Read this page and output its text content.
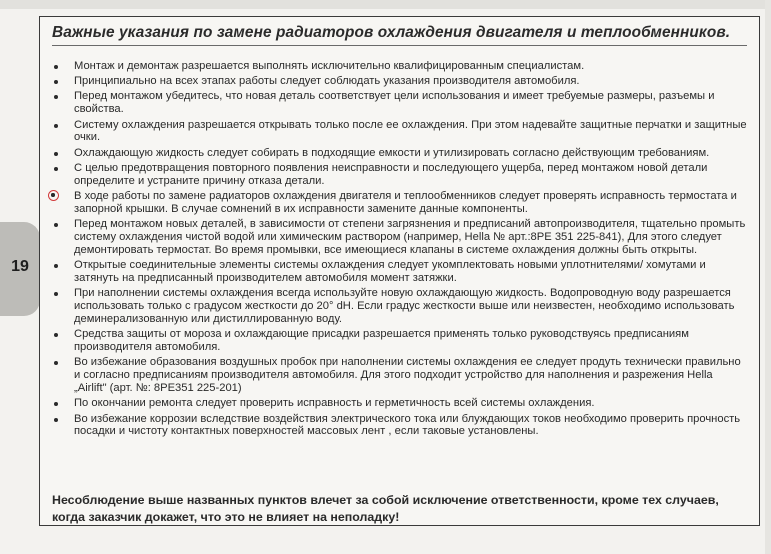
19
Важные указания по замене радиаторов охлаждения двигателя и теплообменников.
Монтаж и демонтаж разрешается выполнять исключительно квалифицированным специалистам.
Принципиально на всех этапах работы следует соблюдать указания производителя автомобиля.
Перед монтажом убедитесь, что новая деталь соответствует цели использования и имеет требуемые размеры, разъемы и свойства.
Систему охлаждения разрешается открывать только после ее охлаждения. При этом надевайте защитные перчатки и защитные очки.
Охлаждающую жидкость следует собирать в подходящие емкости и утилизировать согласно действующим требованиям.
С целью предотвращения повторного появления неисправности и последующего ущерба, перед монтажом новой детали определите и устраните причину отказа детали.
В ходе работы по замене радиаторов охлаждения двигателя и теплообменников следует проверять исправность термостата и запорной крышки. В случае сомнений в их исправности замените данные компоненты.
Перед монтажом новых деталей, в зависимости от степени загрязнения и предписаний автопроизводителя, тщательно промыть систему охлаждения чистой водой или химическим раствором (например, Hella № арт.:8PE 351 225-841), Для этого следует демонтировать термостат. Во время промывки, все имеющиеся клапаны в системе охлаждения должны быть открыты.
Открытые соединительные элементы системы охлаждения следует укомплектовать новыми уплотнителями/ хомутами и затянуть на предписанный производителем автомобиля момент затяжки.
При наполнении системы охлаждения всегда используйте новую охлаждающую жидкость. Водопроводную воду разрешается использовать только с градусом жесткости до 20° dH. Если градус жесткости выше или неизвестен, необходимо использовать деминерализованную или дистиллированную воду.
Средства защиты от мороза и охлаждающие присадки разрешается применять только руководствуясь предписаниям производителя автомобиля.
Во избежание образования воздушных пробок при наполнении системы охлаждения ее следует продуть технически правильно и согласно предписаниям производителя автомобиля. Для этого подходит устройство для наполнения и разрежения Hella „Airlift" (арт. №: 8PE351 225-201)
По окончании ремонта следует проверить исправность и герметичность всей системы охлаждения.
Во избежание коррозии вследствие воздействия электрического тока или блуждающих токов необходимо проверить прочность посадки и чистоту контактных поверхностей массовых лент , если таковые установлены.
Несоблюдение выше названных пунктов влечет за собой исключение ответственности, кроме тех случаев, когда заказчик докажет, что это не влияет на неполадку!
